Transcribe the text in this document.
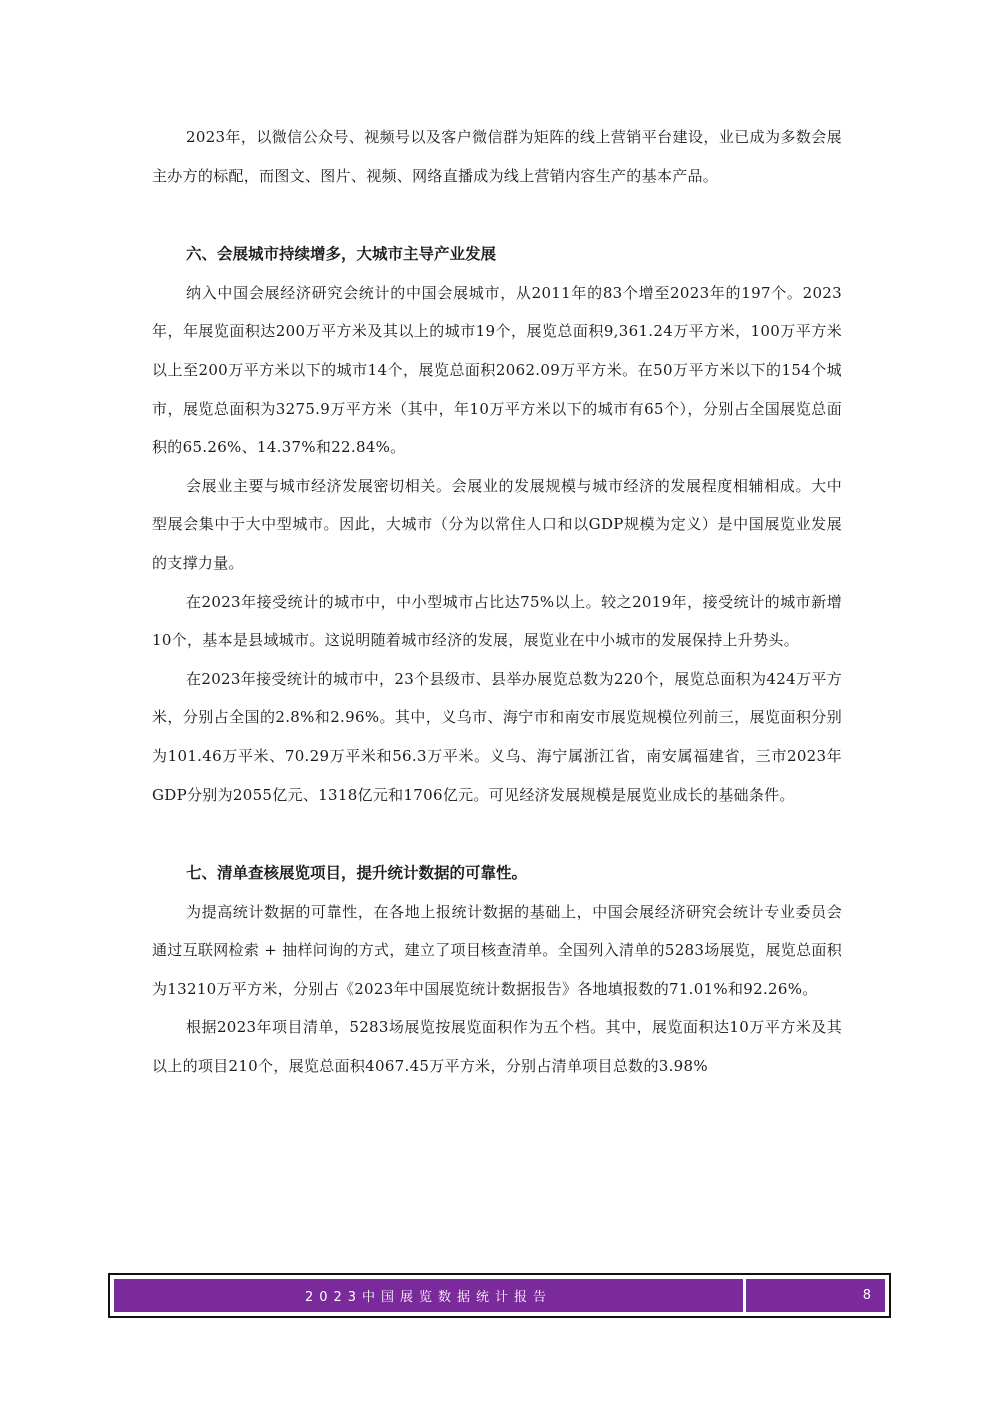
2023年，以微信公众号、视频号以及客户微信群为矩阵的线上营销平台建设，业已成为多数会展主办方的标配，而图文、图片、视频、网络直播成为线上营销内容生产的基本产品。

六、会展城市持续增多，大城市主导产业发展

纳入中国会展经济研究会统计的中国会展城市，从2011年的83个增至2023年的197个。2023年，年展览面积达200万平方米及其以上的城市19个，展览总面积9,361.24万平方米，100万平方米以上至200万平方米以下的城市14个，展览总面积2062.09万平方米。在50万平方米以下的154个城市，展览总面积为3275.9万平方米（其中，年10万平方米以下的城市有65个），分别占全国展览总面积的65.26%、14.37%和22.84%。

会展业主要与城市经济发展密切相关。会展业的发展规模与城市经济的发展程度相辅相成。大中型展会集中于大中型城市。因此，大城市（分为以常住人口和以GDP规模为定义）是中国展览业发展的支撑力量。

在2023年接受统计的城市中，中小型城市占比达75%以上。较之2019年，接受统计的城市新增10个，基本是县域城市。这说明随着城市经济的发展，展览业在中小城市的发展保持上升势头。

在2023年接受统计的城市中，23个县级市、县举办展览总数为220个，展览总面积为424万平方米，分别占全国的2.8%和2.96%。其中，义乌市、海宁市和南安市展览规模位列前三，展览面积分别为101.46万平米、70.29万平米和56.3万平米。义乌、海宁属浙江省，南安属福建省，三市2023年GDP分别为2055亿元、1318亿元和1706亿元。可见经济发展规模是展览业成长的基础条件。

七、清单查核展览项目，提升统计数据的可靠性。

为提高统计数据的可靠性，在各地上报统计数据的基础上，中国会展经济研究会统计专业委员会通过互联网检索 + 抽样问询的方式，建立了项目核查清单。全国列入清单的5283场展览，展览总面积为13210万平方米，分别占《2023年中国展览统计数据报告》各地填报数的71.01%和92.26%。

根据2023年项目清单，5283场展览按展览面积作为五个档。其中，展览面积达10万平方米及其以上的项目210个，展览总面积4067.45万平方米，分别占清单项目总数的3.98%

2023中国展览数据统计报告	8
